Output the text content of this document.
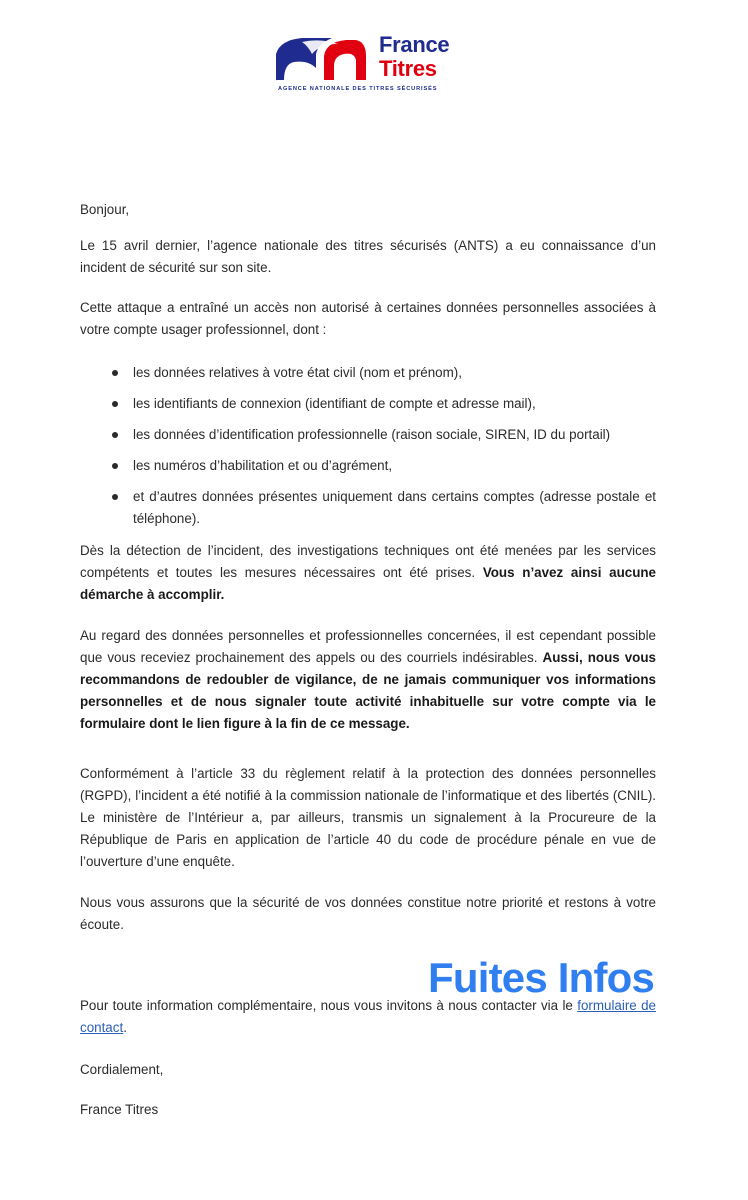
France
Titres
AGENCE NATIONALE DES TITRES SÉCURISÉS

Bonjour,

Le 15 avril dernier, l’agence nationale des titres sécurisés (ANTS) a eu connaissance d’un incident de sécurité sur son site.

Cette attaque a entraîné un accès non autorisé à certaines données personnelles associées à votre compte usager professionnel, dont :

les données relatives à votre état civil (nom et prénom),
les identifiants de connexion (identifiant de compte et adresse mail),
les données d’identification professionnelle (raison sociale, SIREN, ID du portail)
les numéros d’habilitation et ou d’agrément,
et d’autres données présentes uniquement dans certains comptes (adresse postale et téléphone).

Dès la détection de l’incident, des investigations techniques ont été menées par les services compétents et toutes les mesures nécessaires ont été prises. Vous n’avez ainsi aucune démarche à accomplir.

Au regard des données personnelles et professionnelles concernées, il est cependant possible que vous receviez prochainement des appels ou des courriels indésirables. Aussi, nous vous recommandons de redoubler de vigilance, de ne jamais communiquer vos informations personnelles et de nous signaler toute activité inhabituelle sur votre compte via le formulaire dont le lien figure à la fin de ce message.

Conformément à l’article 33 du règlement relatif à la protection des données personnelles (RGPD), l’incident a été notifié à la commission nationale de l’informatique et des libertés (CNIL). Le ministère de l’Intérieur a, par ailleurs, transmis un signalement à la Procureure de la République de Paris en application de l’article 40 du code de procédure pénale en vue de l’ouverture d’une enquête.

Nous vous assurons que la sécurité de vos données constitue notre priorité et restons à votre écoute.

Pour toute information complémentaire, nous vous invitons à nous contacter via le formulaire de contact.

Cordialement,

France Titres

Fuites Infos
